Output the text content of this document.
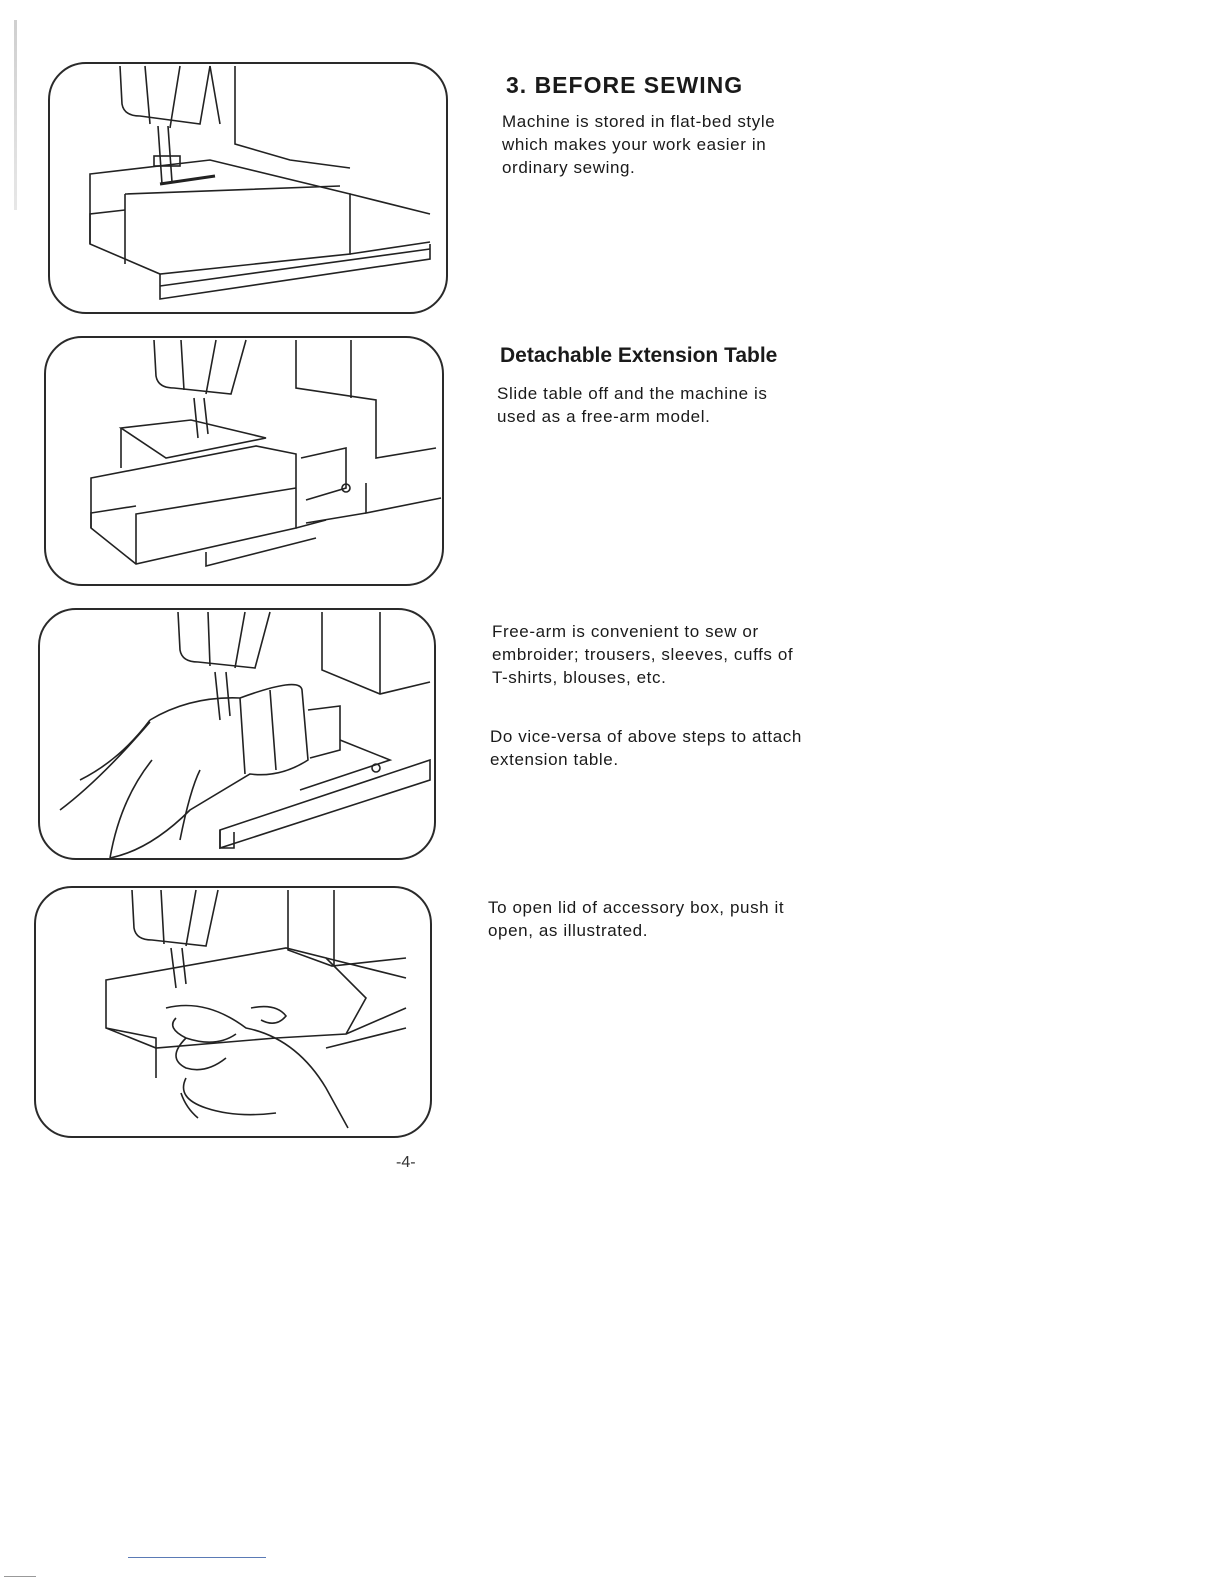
3. BEFORE SEWING

Machine is stored in flat-bed style which makes your work easier in ordinary sewing.

Detachable Extension Table

Slide table off and the machine is used as a free-arm model.

Free-arm is convenient to sew or embroider; trousers, sleeves, cuffs of T-shirts, blouses, etc.

Do vice-versa of above steps to attach extension table.

To open lid of accessory box, push it open, as illustrated.

-4-
